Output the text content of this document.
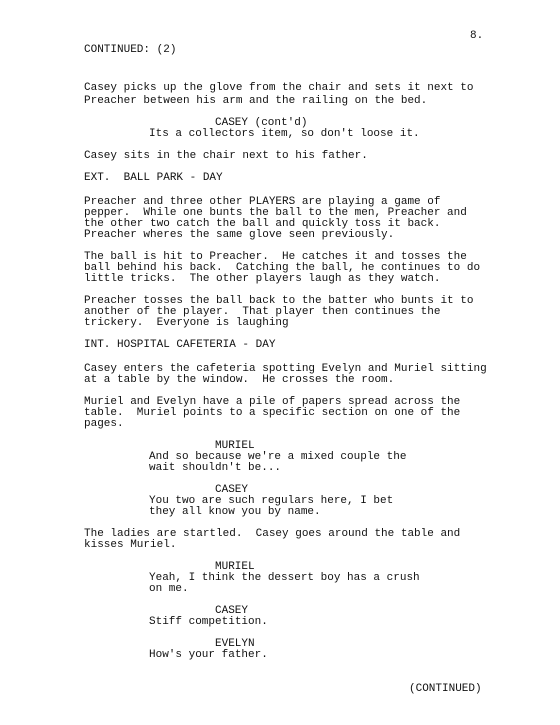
8.
CONTINUED: (2)
Casey picks up the glove from the chair and sets it next to
Preacher between his arm and the railing on the bed.
CASEY (cont'd)
Its a collectors item, so don't loose it.
Casey sits in the chair next to his father.
EXT.  BALL PARK - DAY
Preacher and three other PLAYERS are playing a game of
pepper.  While one bunts the ball to the men, Preacher and
the other two catch the ball and quickly toss it back.
Preacher wheres the same glove seen previously.
The ball is hit to Preacher.  He catches it and tosses the
ball behind his back.  Catching the ball, he continues to do
little tricks.  The other players laugh as they watch.
Preacher tosses the ball back to the batter who bunts it to
another of the player.  That player then continues the
trickery.  Everyone is laughing
INT. HOSPITAL CAFETERIA - DAY
Casey enters the cafeteria spotting Evelyn and Muriel sitting
at a table by the window.  He crosses the room.
Muriel and Evelyn have a pile of papers spread across the
table.  Muriel points to a specific section on one of the
pages.
MURIEL
And so because we're a mixed couple the
wait shouldn't be...
CASEY
You two are such regulars here, I bet
they all know you by name.
The ladies are startled.  Casey goes around the table and
kisses Muriel.
MURIEL
Yeah, I think the dessert boy has a crush
on me.
CASEY
Stiff competition.
EVELYN
How's your father.
(CONTINUED)
